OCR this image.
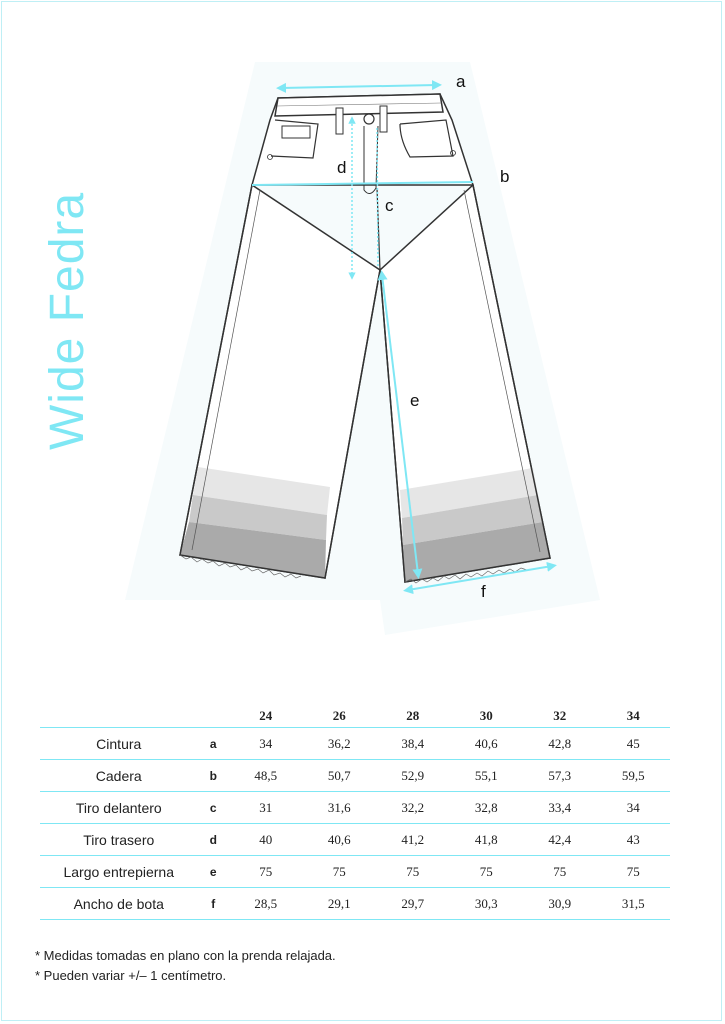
Wide Fedra
a
b
c
d
e
f
		24	26	28	30	32	34
Cintura	a	34	36,2	38,4	40,6	42,8	45
Cadera	b	48,5	50,7	52,9	55,1	57,3	59,5
Tiro delantero	c	31	31,6	32,2	32,8	33,4	34
Tiro trasero	d	40	40,6	41,2	41,8	42,4	43
Largo entrepierna	e	75	75	75	75	75	75
Ancho de bota	f	28,5	29,1	29,7	30,3	30,9	31,5
* Medidas tomadas en plano con la prenda relajada.
* Pueden variar +/– 1 centímetro.
